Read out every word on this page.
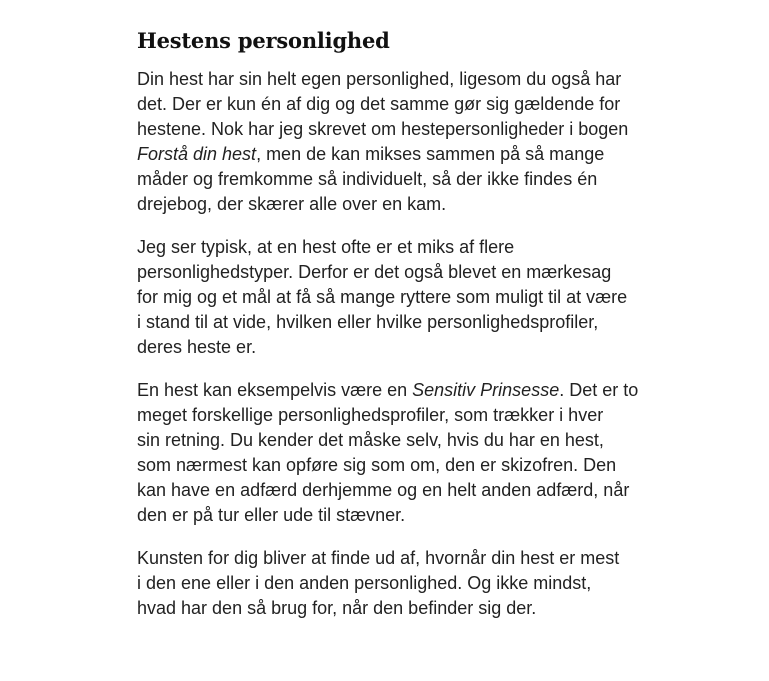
Hestens personlighed

Din hest har sin helt egen personlighed, ligesom du også har
det. Der er kun én af dig og det samme gør sig gældende for
hestene. Nok har jeg skrevet om hestepersonligheder i bogen
Forstå din hest, men de kan mikses sammen på så mange
måder og fremkomme så individuelt, så der ikke findes én
drejebog, der skærer alle over en kam.

Jeg ser typisk, at en hest ofte er et miks af flere
personlighedstyper. Derfor er det også blevet en mærkesag
for mig og et mål at få så mange ryttere som muligt til at være
i stand til at vide, hvilken eller hvilke personlighedsprofiler,
deres heste er.

En hest kan eksempelvis være en Sensitiv Prinsesse. Det er to
meget forskellige personlighedsprofiler, som trækker i hver
sin retning. Du kender det måske selv, hvis du har en hest,
som nærmest kan opføre sig som om, den er skizofren. Den
kan have en adfærd derhjemme og en helt anden adfærd, når
den er på tur eller ude til stævner.

Kunsten for dig bliver at finde ud af, hvornår din hest er mest
i den ene eller i den anden personlighed. Og ikke mindst,
hvad har den så brug for, når den befinder sig der.
